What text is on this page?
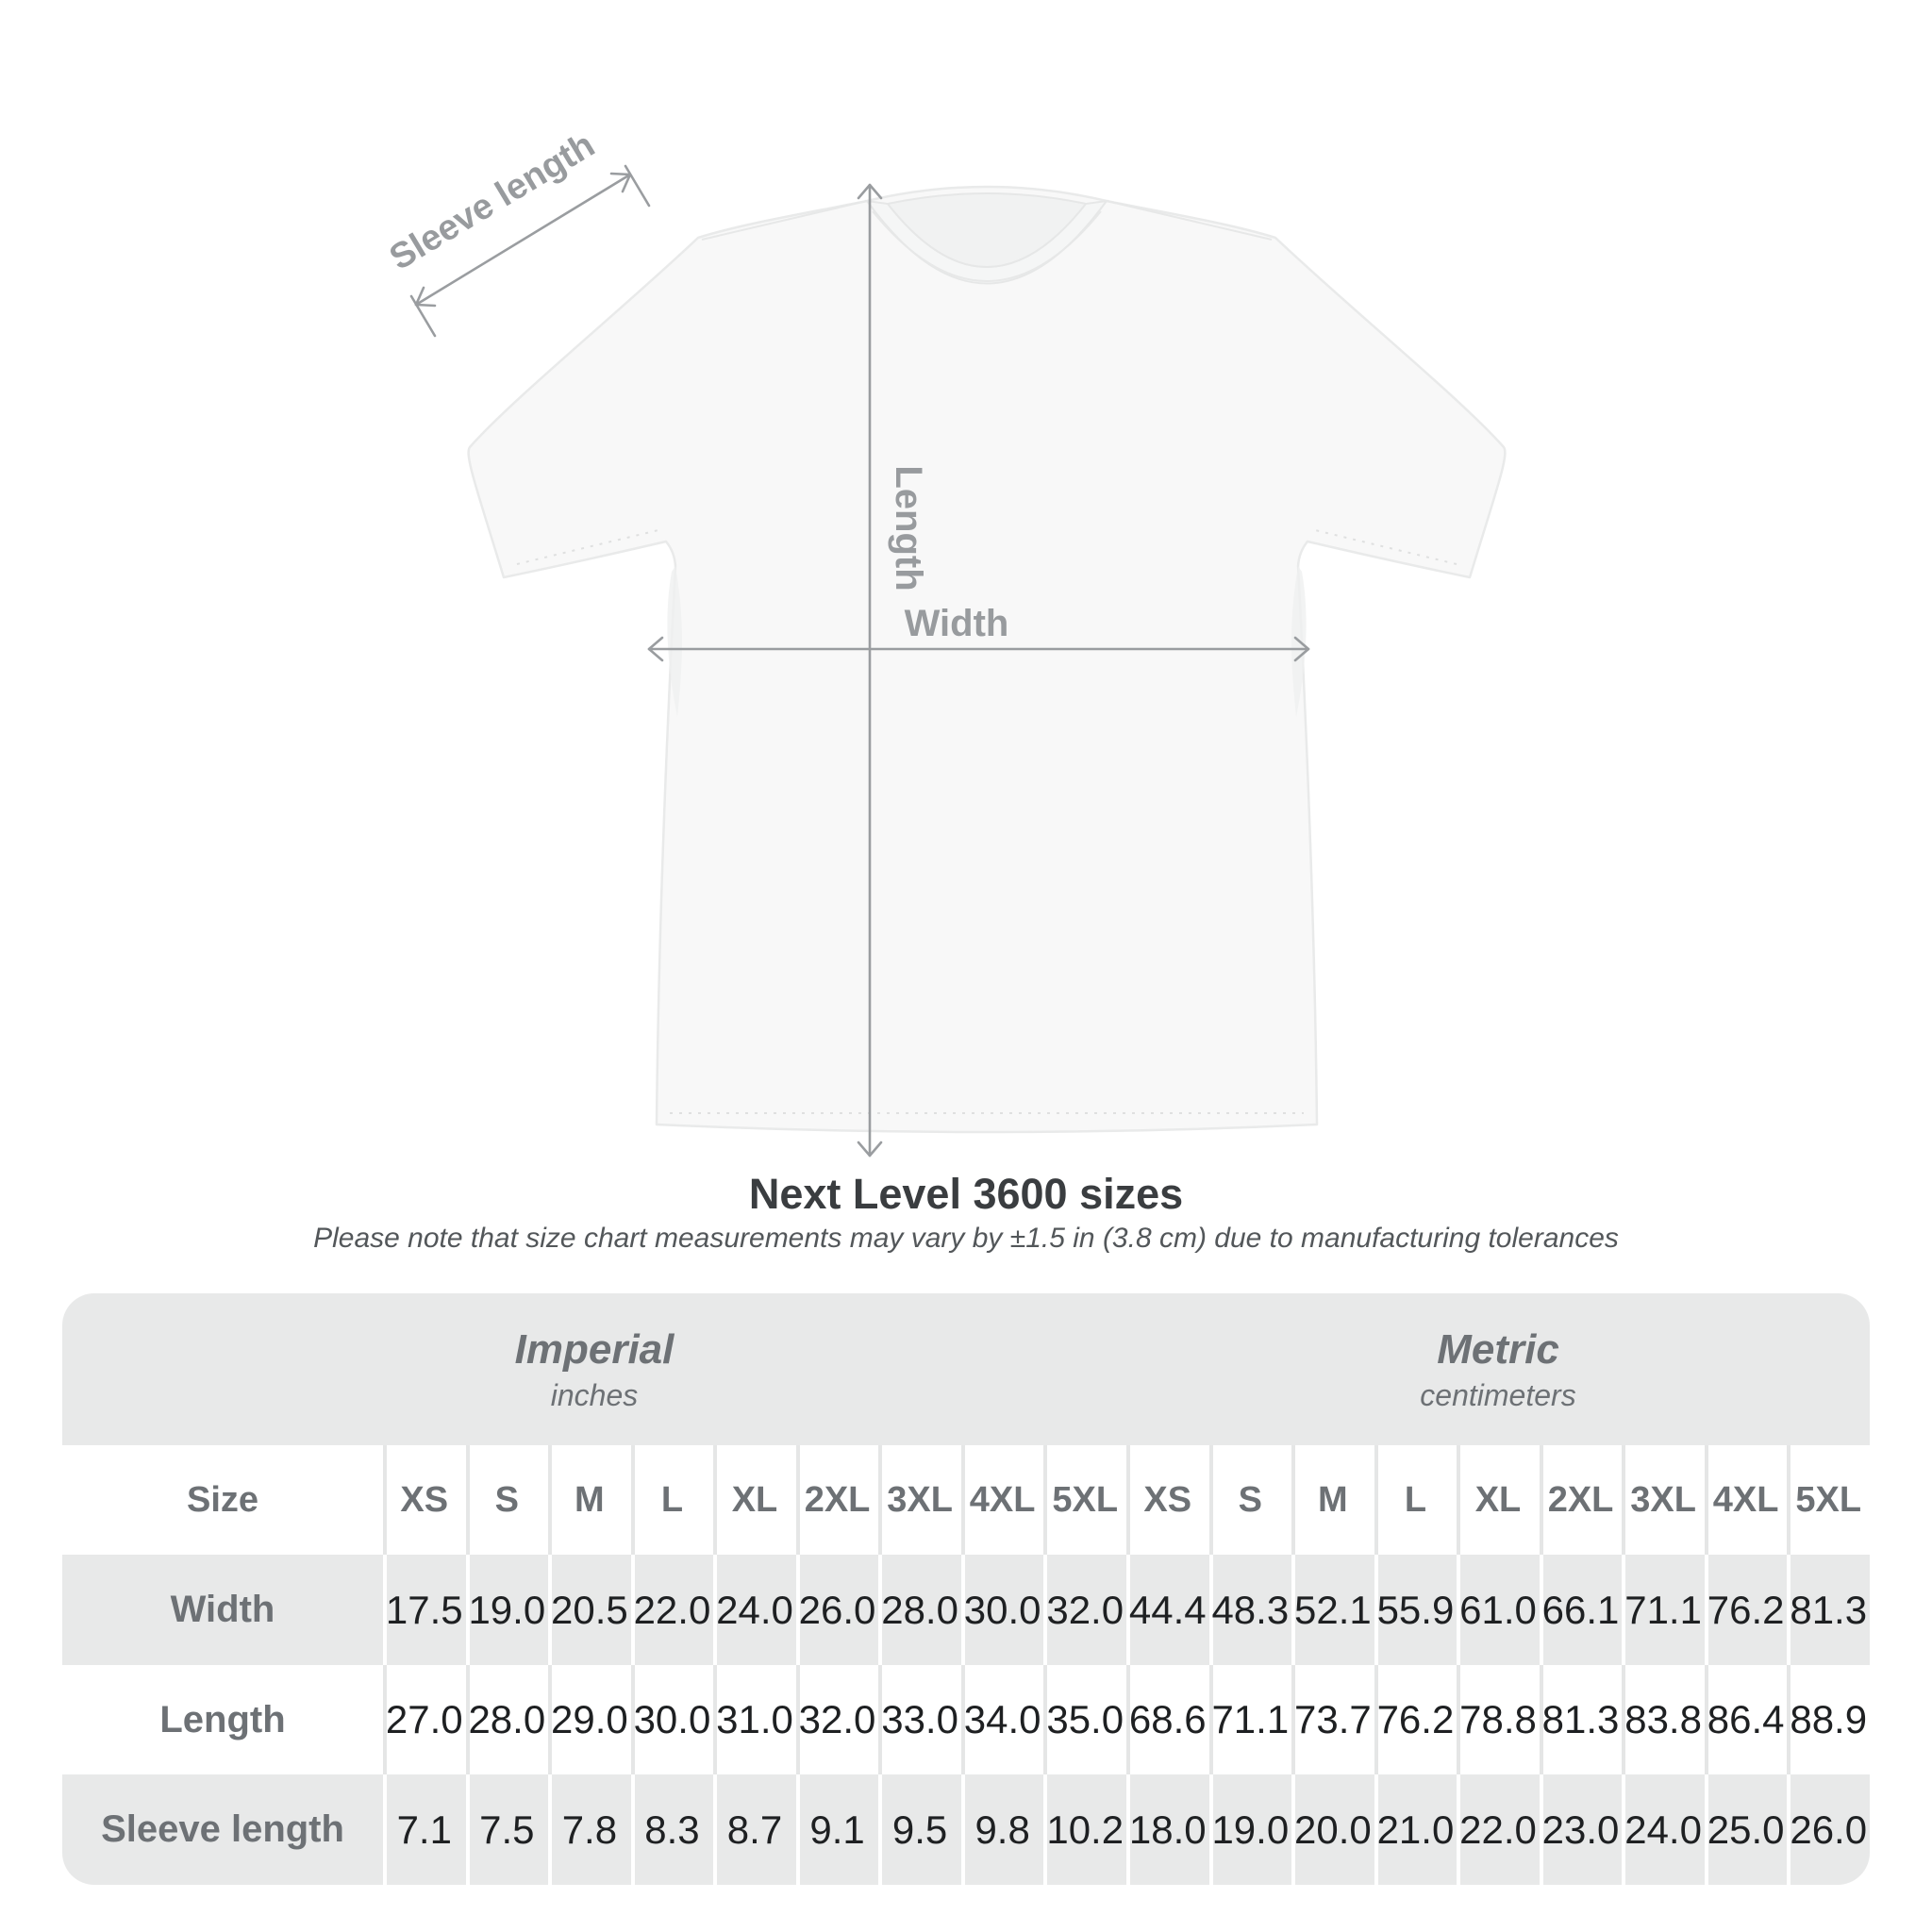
Sleeve length
Length
Width
Next Level 3600 sizes
Please note that size chart measurements may vary by ±1.5 in (3.8 cm) due to manufacturing tolerances
Imperial
inches
Metric
centimeters
Size	XS	S	M	L	XL 2XL 3XL 4XL 5XL XS	S	M	L	XL 2XL 3XL 4XL 5XL
Width	17.5 19.0 20.5 22.0 24.0 26.0 28.0 30.0 32.0 44.4 48.3 52.1 55.9 61.0 66.1 71.1 76.2 81.3
Length	27.0 28.0 29.0 30.0 31.0 32.0 33.0 34.0 35.0 68.6 71.1 73.7 76.2 78.8 81.3 83.8 86.4 88.9
Sleeve length	7.1 7.5 7.8 8.3 8.7 9.1 9.5 9.8 10.2 18.0 19.0 20.0 21.0 22.0 23.0 24.0 25.0 26.0
